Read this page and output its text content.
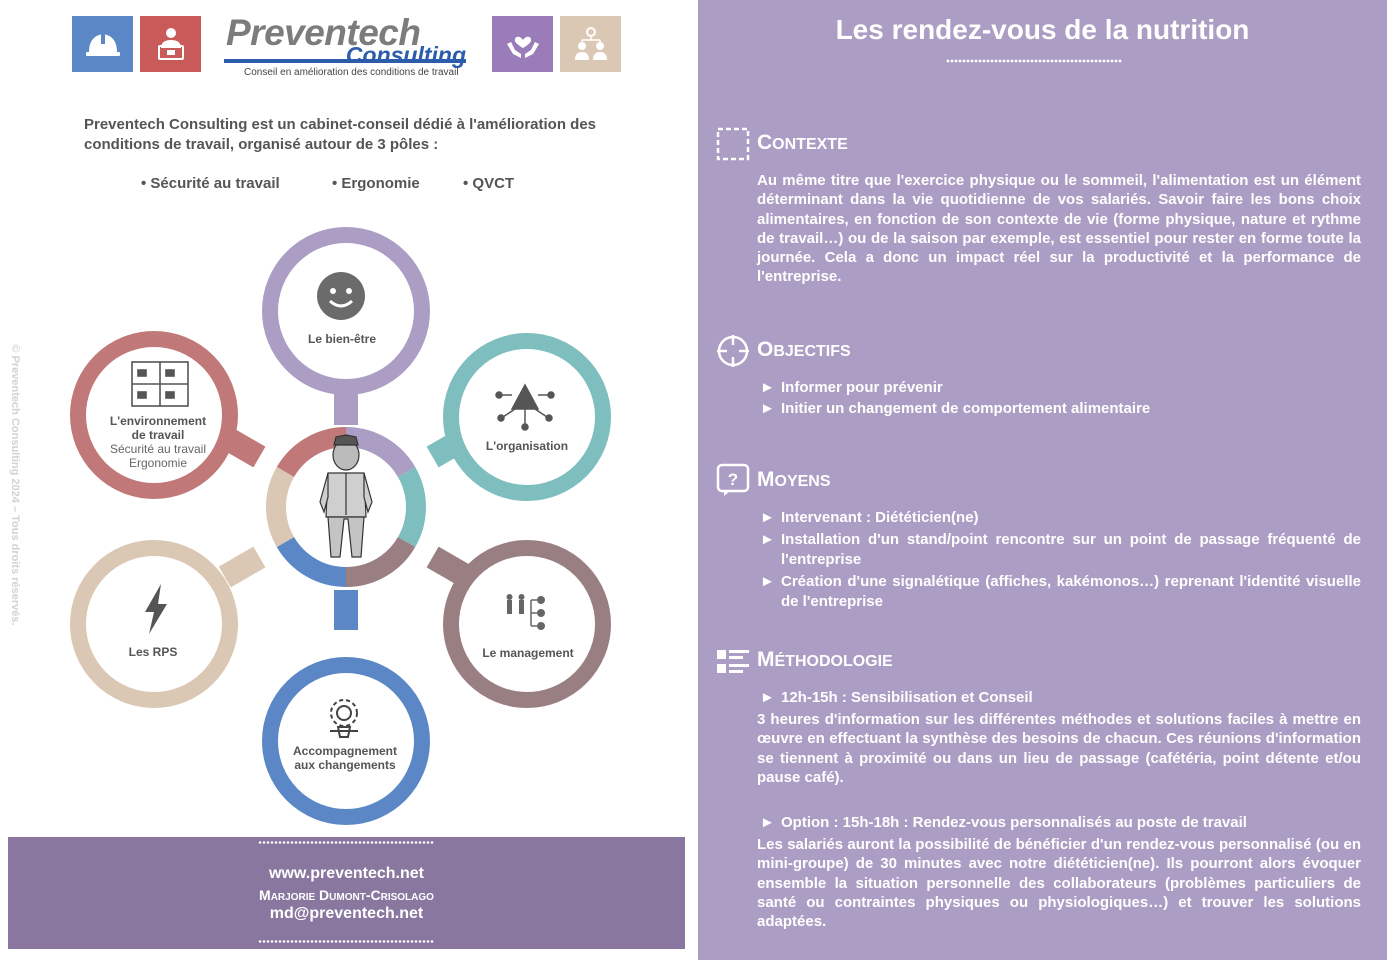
© Preventech Consulting 2024 – Tous droits réservés.
Preventech
Consulting
Conseil en amélioration des conditions de travail
Preventech Consulting est un cabinet-conseil dédié à l'amélioration des conditions de travail, organisé autour de 3 pôles :
• Sécurité au travail	• Ergonomie	• QVCT
Le bien-être
L'organisation
Le management
Accompagnement aux changements
Les RPS
L'environnement de travail
Sécurité au travail
Ergonomie
www.preventech.net
Marjorie Dumont-Crisolago
md@preventech.net
Les rendez-vous de la nutrition
CONTEXTE
Au même titre que l'exercice physique ou le sommeil, l'alimentation est un élément déterminant dans la vie quotidienne de vos salariés. Savoir faire les bons choix alimentaires, en fonction de son contexte de vie (forme physique, nature et rythme de travail…) ou de la saison par exemple, est essentiel pour rester en forme toute la journée. Cela a donc un impact réel sur la productivité et la performance de l'entreprise.
OBJECTIFS
► Informer pour prévenir
► Initier un changement de comportement alimentaire
? MOYENS
► Intervenant : Diététicien(ne)
► Installation d'un stand/point rencontre sur un point de passage fréquenté de l'entreprise
► Création d'une signalétique (affiches, kakémonos…) reprenant l'identité visuelle de l'entreprise
MÉTHODOLOGIE
► 12h-15h : Sensibilisation et Conseil
3 heures d'information sur les différentes méthodes et solutions faciles à mettre en œuvre en effectuant la synthèse des besoins de chacun. Ces réunions d'information se tiennent à proximité ou dans un lieu de passage (cafétéria, point détente et/ou pause café).
► Option : 15h-18h : Rendez-vous personnalisés au poste de travail
Les salariés auront la possibilité de bénéficier d'un rendez-vous personnalisé (ou en mini-groupe) de 30 minutes avec notre diététicien(ne). Ils pourront alors évoquer ensemble la situation personnelle des collaborateurs (problèmes particuliers de santé ou contraintes physiques ou physiologiques…) et trouver les solutions adaptées.
